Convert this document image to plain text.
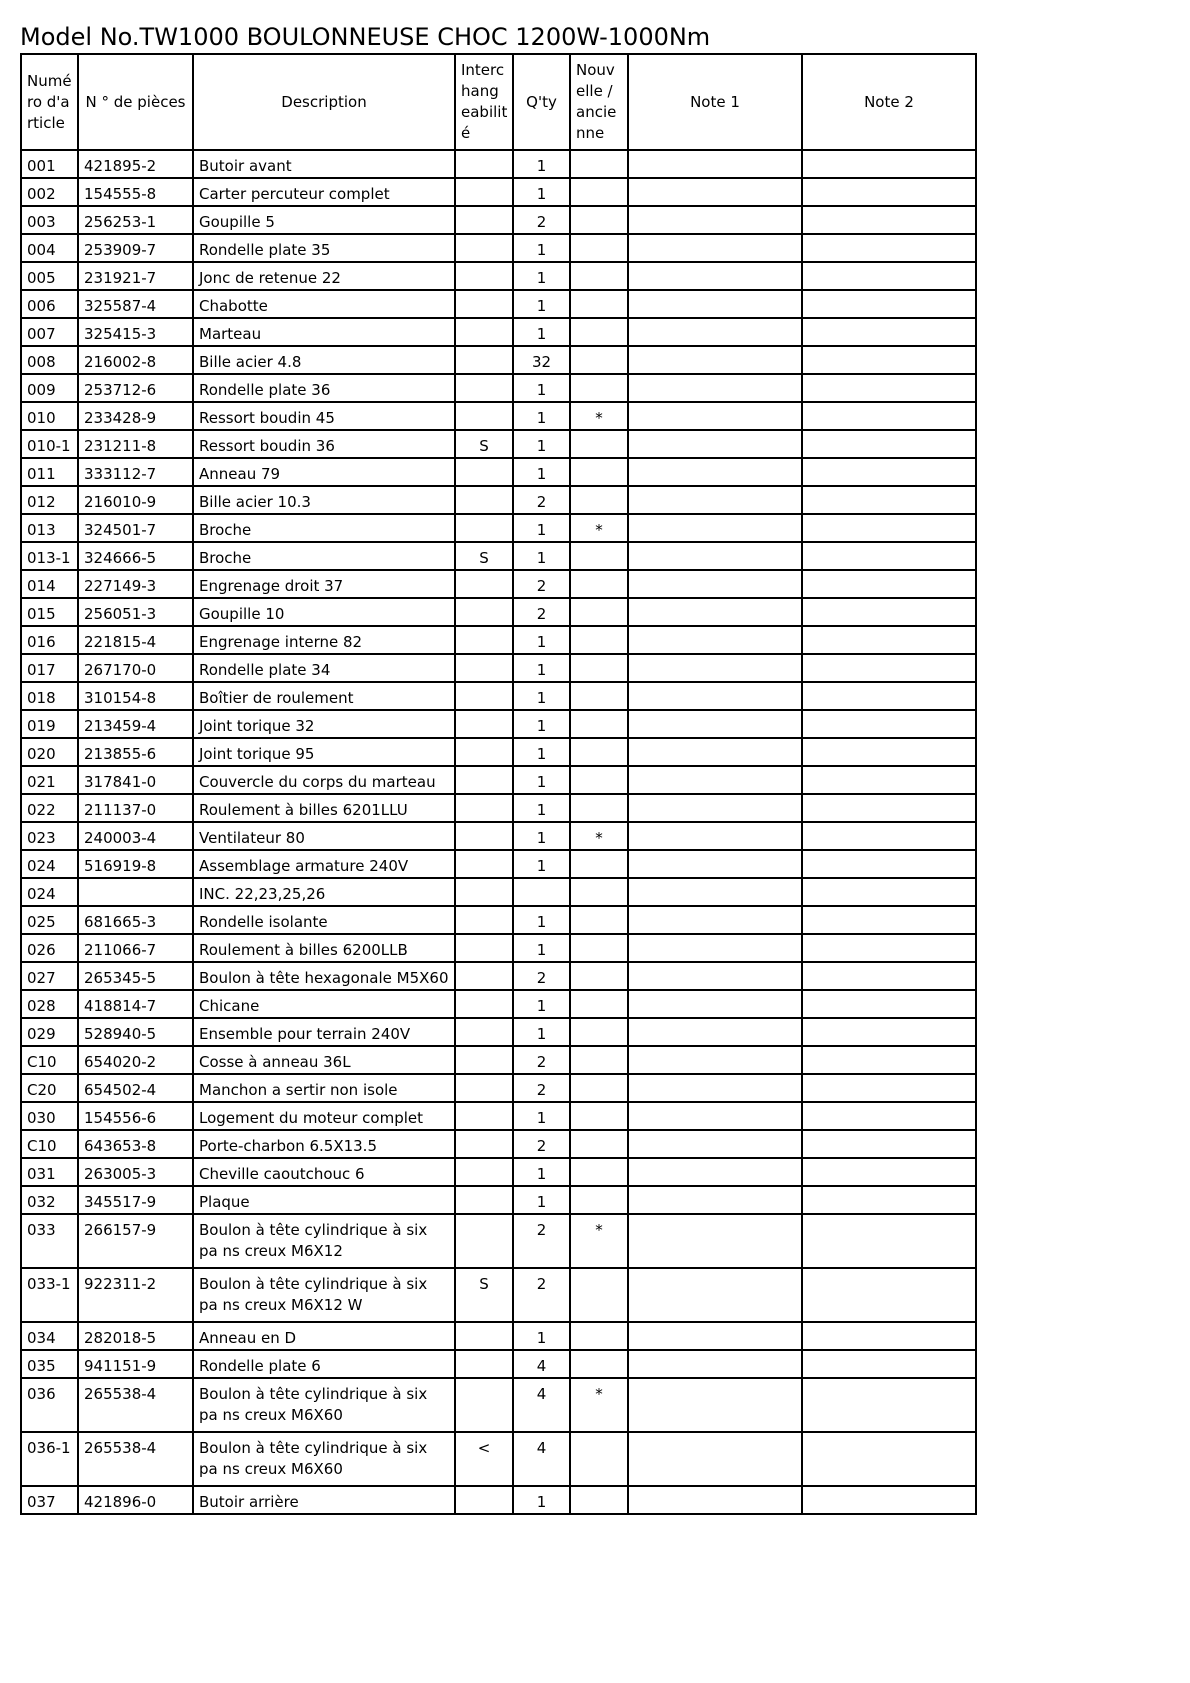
Model No.TW1000 BOULONNEUSE CHOC 1200W-1000Nm
Numé ro d'a rticle	N ° de pièces	Description	Interc hang eabilit é	Q'ty	Nouv elle / ancie nne	Note 1	Note 2
001	421895-2	Butoir avant		1			
002	154555-8	Carter percuteur complet		1			
003	256253-1	Goupille 5		2			
004	253909-7	Rondelle plate 35		1			
005	231921-7	Jonc de retenue 22		1			
006	325587-4	Chabotte		1			
007	325415-3	Marteau		1			
008	216002-8	Bille acier 4.8		32			
009	253712-6	Rondelle plate 36		1			
010	233428-9	Ressort boudin 45		1	*		
010-1	231211-8	Ressort boudin 36	S	1			
011	333112-7	Anneau 79		1			
012	216010-9	Bille acier 10.3		2			
013	324501-7	Broche		1	*		
013-1	324666-5	Broche	S	1			
014	227149-3	Engrenage droit 37		2			
015	256051-3	Goupille 10		2			
016	221815-4	Engrenage interne 82		1			
017	267170-0	Rondelle plate 34		1			
018	310154-8	Boîtier de roulement		1			
019	213459-4	Joint torique 32		1			
020	213855-6	Joint torique 95		1			
021	317841-0	Couvercle du corps du marteau		1			
022	211137-0	Roulement à billes 6201LLU		1			
023	240003-4	Ventilateur 80		1	*		
024	516919-8	Assemblage armature 240V		1			
024		INC. 22,23,25,26					
025	681665-3	Rondelle isolante		1			
026	211066-7	Roulement à billes 6200LLB		1			
027	265345-5	Boulon à tête hexagonale M5X60		2			
028	418814-7	Chicane		1			
029	528940-5	Ensemble pour terrain 240V		1			
C10	654020-2	Cosse à anneau 36L		2			
C20	654502-4	Manchon a sertir non isole		2			
030	154556-6	Logement du moteur complet		1			
C10	643653-8	Porte-charbon 6.5X13.5		2			
031	263005-3	Cheville caoutchouc 6		1			
032	345517-9	Plaque		1			
033	266157-9	Boulon à tête cylindrique à six pa ns creux M6X12		2	*		
033-1	922311-2	Boulon à tête cylindrique à six pa ns creux M6X12 W	S	2			
034	282018-5	Anneau en D		1			
035	941151-9	Rondelle plate 6		4			
036	265538-4	Boulon à tête cylindrique à six pa ns creux M6X60		4	*		
036-1	265538-4	Boulon à tête cylindrique à six pa ns creux M6X60	<	4			
037	421896-0	Butoir arrière		1			
